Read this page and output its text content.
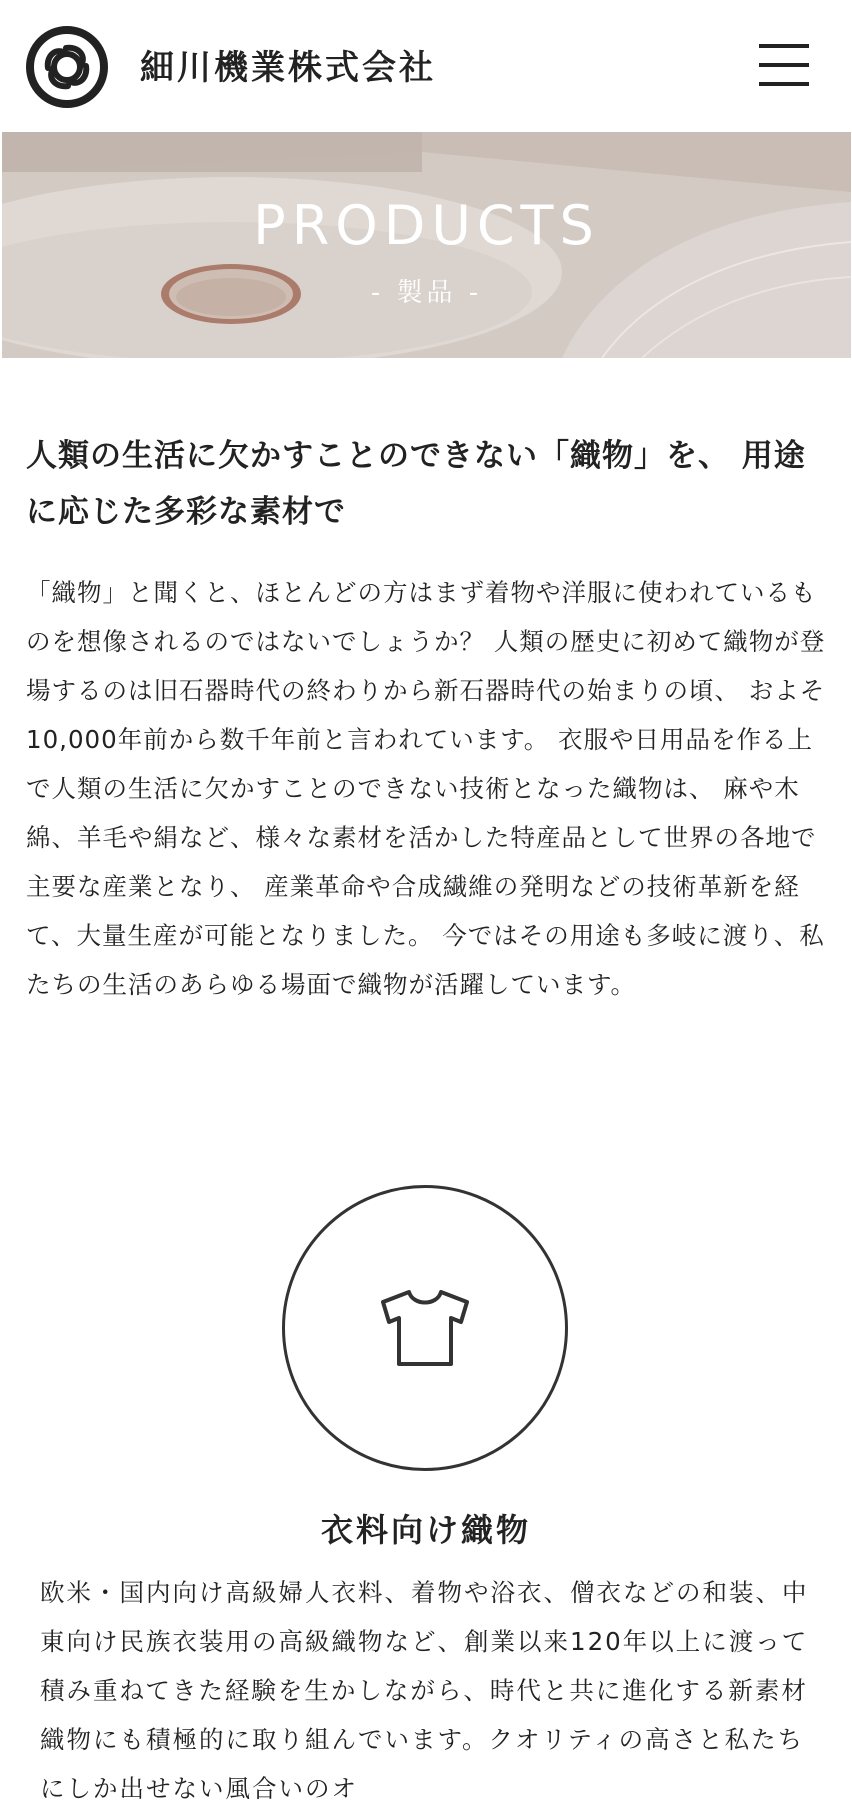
細川機業株式会社
PRODUCTS
- 製品 -
人類の生活に欠かすことのできない「織物」を、 用途に応じた多彩な素材で

「織物」と聞くと、ほとんどの方はまず着物や洋服に使われているものを想像されるのではないでしょうか？ 人類の歴史に初めて織物が登場するのは旧石器時代の終わりから新石器時代の始まりの頃、 およそ10,000年前から数千年前と言われています。 衣服や日用品を作る上で人類の生活に欠かすことのできない技術となった織物は、 麻や木綿、羊毛や絹など、様々な素材を活かした特産品として世界の各地で主要な産業となり、 産業革命や合成繊維の発明などの技術革新を経て、大量生産が可能となりました。 今ではその用途も多岐に渡り、私たちの生活のあらゆる場面で織物が活躍しています。

衣料向け織物

欧米・国内向け高級婦人衣料、着物や浴衣、僧衣などの和装、中東向け民族衣装用の高級織物など、創業以来120年以上に渡って積み重ねてきた経験を生かしながら、時代と共に進化する新素材織物にも積極的に取り組んでいます。クオリティの高さと私たちにしか出せない風合いのオ
